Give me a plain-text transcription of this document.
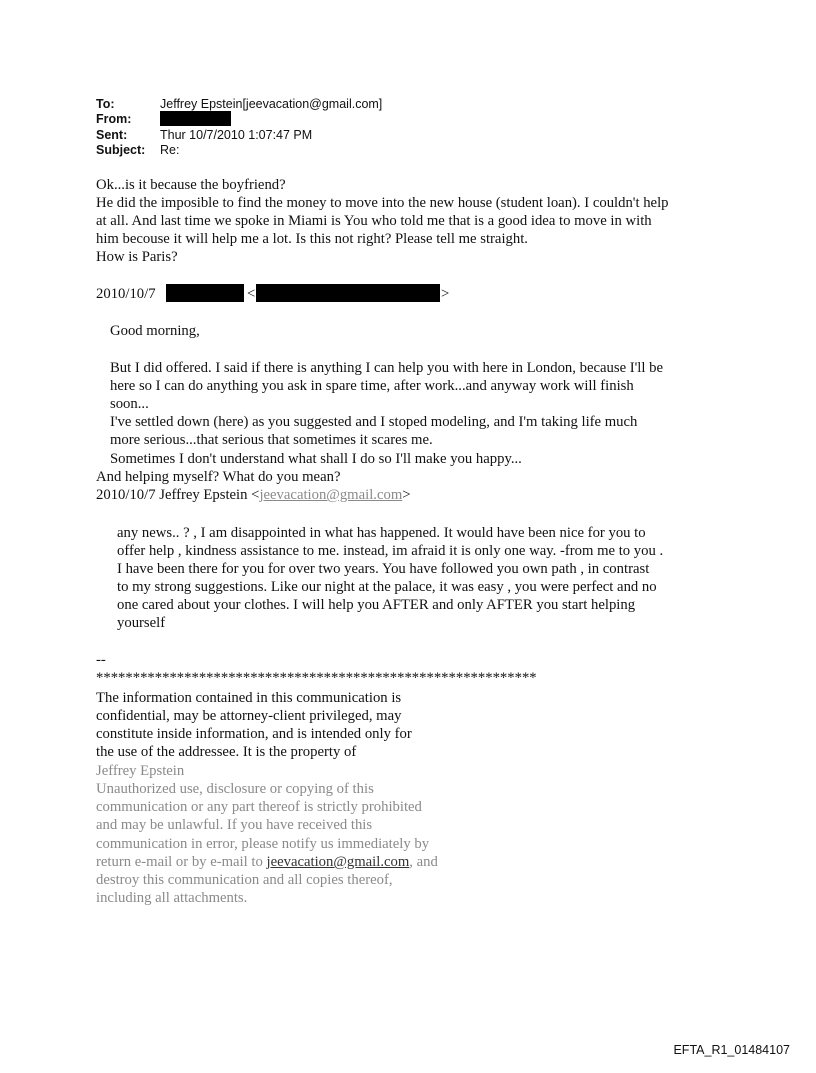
To:	Jeffrey Epstein[jeevacation@gmail.com]
From:
Sent:	Thur 10/7/2010 1:07:47 PM
Subject: Re:
Ok...is it because the boyfriend?
He did the imposible to find the money to move into the new house (student loan). I couldn't help
at all. And last time we spoke in Miami is You who told me that is a good idea to move in with
him becouse it will help me a lot. Is this not right? Please tell me straight.
How is Paris?
2010/10/7	<	>
Good morning,
But I did offered. I said if there is anything I can help you with here in London, because I'll be
here so I can do anything you ask in spare time, after work...and anyway work will finish
soon...
I've settled down (here) as you suggested and I stoped modeling, and I'm taking life much
more serious...that serious that sometimes it scares me.
Sometimes I don't understand what shall I do so I'll make you happy...
And helping myself? What do you mean?
2010/10/7 Jeffrey Epstein <jeevacation@gmail.com>
any news.. ? , I am disappointed in what has happened. It would have been nice for you to
offer help , kindness assistance to me. instead, im afraid it is only one way. -from me to you .
I have been there for you for over two years. You have followed you own path , in contrast
to my strong suggestions. Like our night at the palace, it was easy , you were perfect and no
one cared about your clothes. I will help you AFTER and only AFTER you start helping
yourself
--
************************************************************
The information contained in this communication is
confidential, may be attorney-client privileged, may
constitute inside information, and is intended only for
the use of the addressee. It is the property of
Jeffrey Epstein
Unauthorized use, disclosure or copying of this
communication or any part thereof is strictly prohibited
and may be unlawful. If you have received this
communication in error, please notify us immediately by
return e-mail or by e-mail to jeevacation@gmail.com, and
destroy this communication and all copies thereof,
including all attachments.
EFTA_R1_01484107
